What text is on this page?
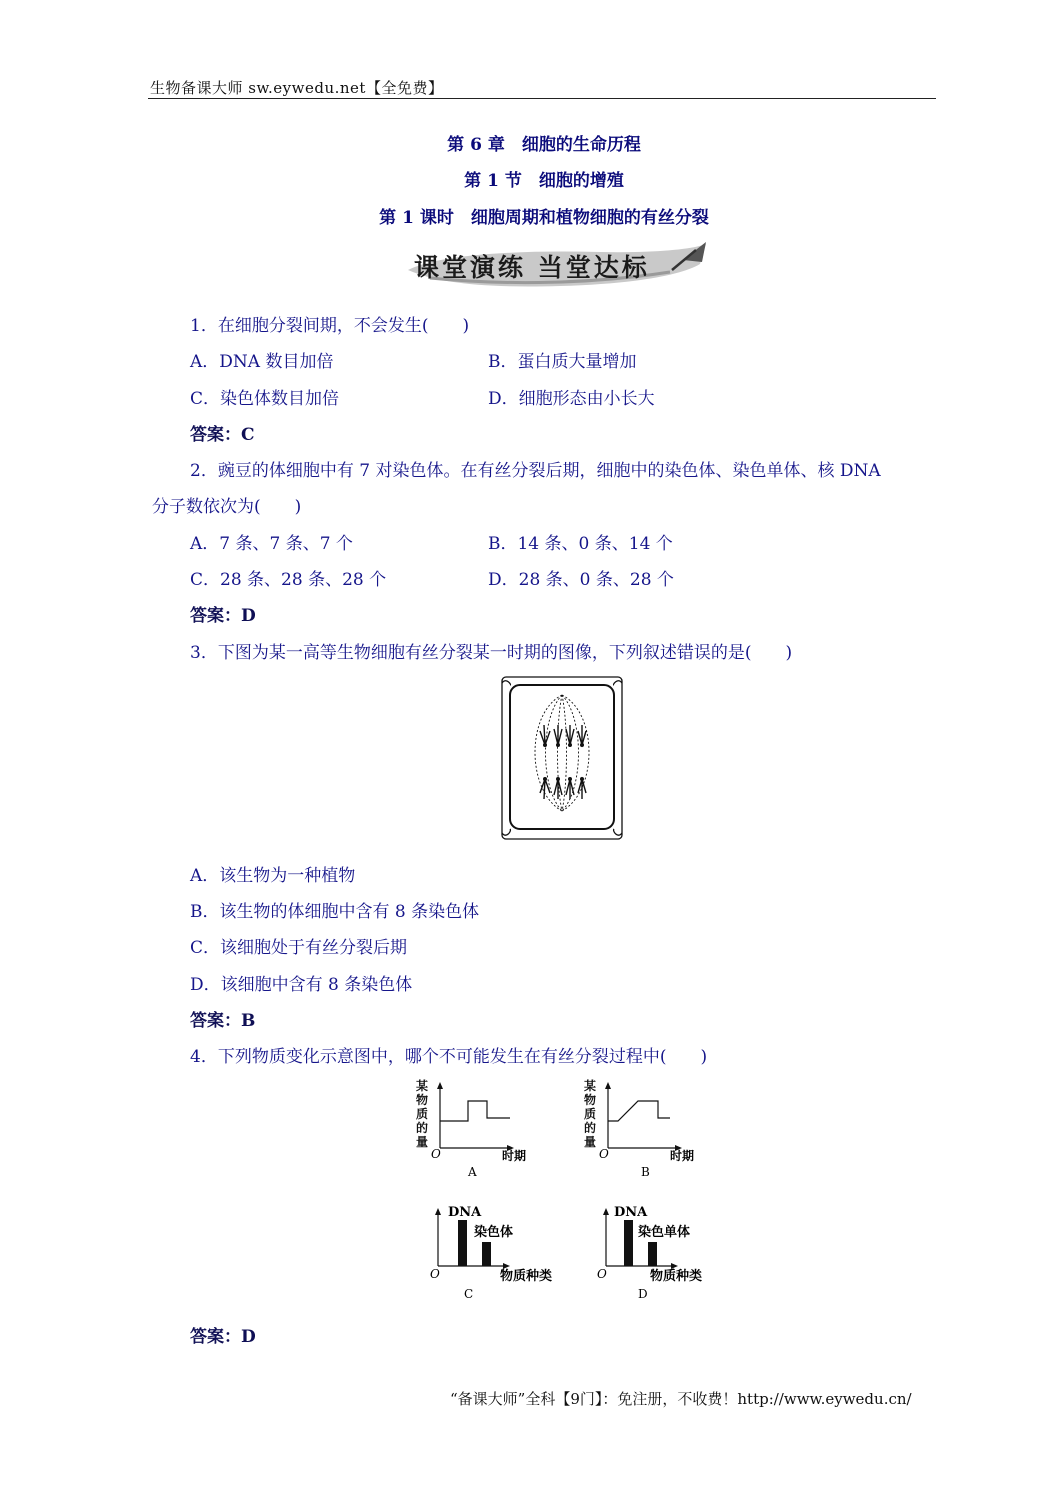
生物备课大师 sw.eywedu.net【全免费】
第 6 章　细胞的生命历程
第 1 节　细胞的增殖
第 1 课时　细胞周期和植物细胞的有丝分裂
课堂演练 当堂达标
1．在细胞分裂间期，不会发生(　　)
A．DNA 数目加倍	B．蛋白质大量增加
C．染色体数目加倍	D．细胞形态由小长大
答案：C
2．豌豆的体细胞中有 7 对染色体。在有丝分裂后期，细胞中的染色体、染色单体、核 DNA
分子数依次为(　　)
A．7 条、7 条、7 个	B．14 条、0 条、14 个
C．28 条、28 条、28 个	D．28 条、0 条、28 个
答案：D
3．下图为某一高等生物细胞有丝分裂某一时期的图像，下列叙述错误的是(　　)
A．该生物为一种植物
B．该生物的体细胞中含有 8 条染色体
C．该细胞处于有丝分裂后期
D．该细胞中含有 8 条染色体
答案：B
4．下列物质变化示意图中，哪个不可能发生在有丝分裂过程中(　　)
某
物
质
的
量
O	时期
A
某
物
质
的
量
O	时期
B
DNA
染色体
O	物质种类
C
DNA
染色单体
O	物质种类
D
答案：D
“备课大师”全科【9门】：免注册，不收费！http://www.eywedu.cn/
